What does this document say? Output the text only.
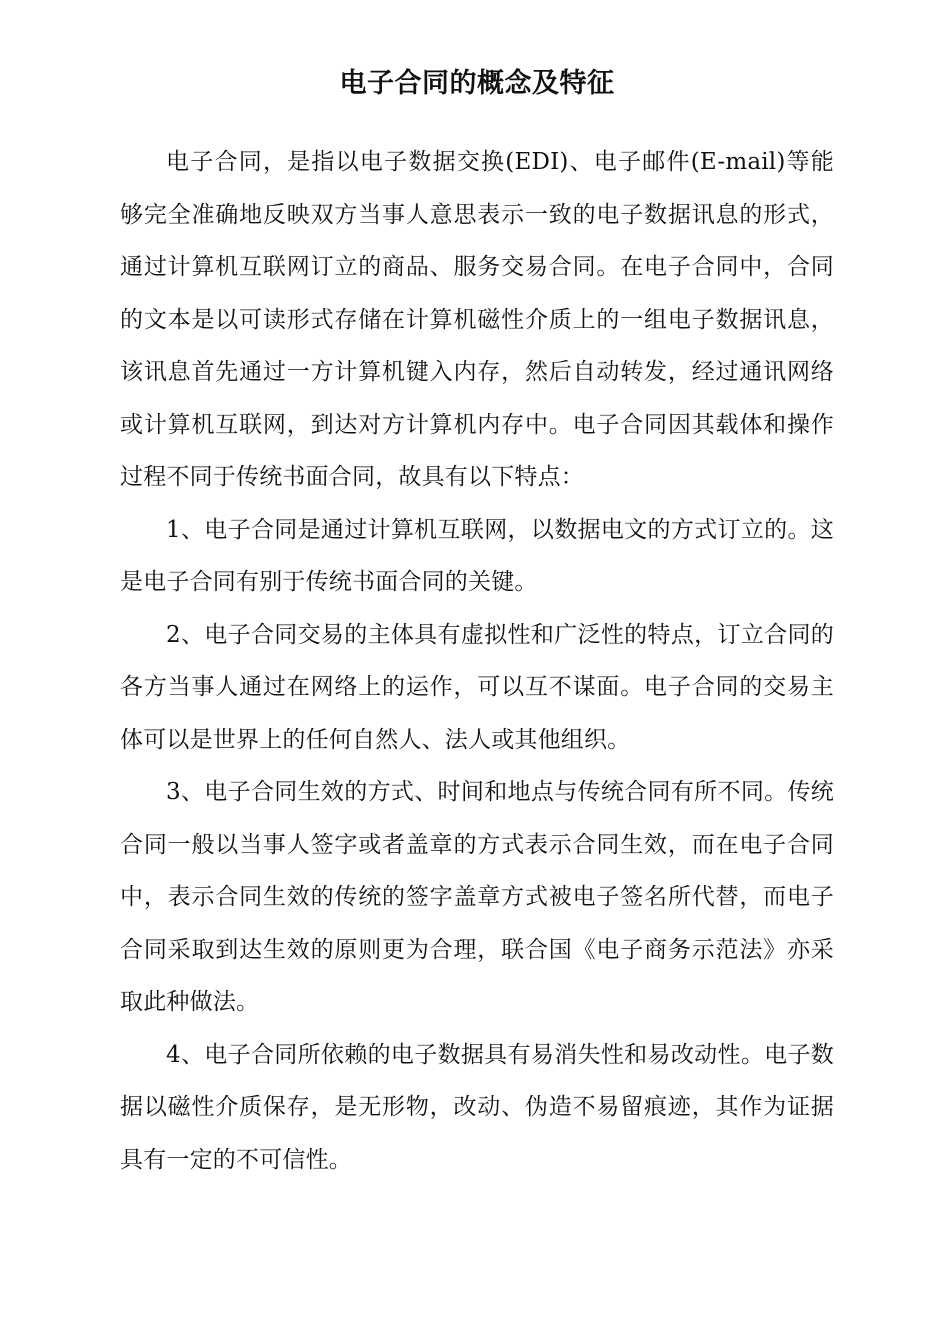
电子合同的概念及特征

电子合同，是指以电子数据交换(EDI)、电子邮件(E-mail)等能够完全准确地反映双方当事人意思表示一致的电子数据讯息的形式，通过计算机互联网订立的商品、服务交易合同。在电子合同中，合同的文本是以可读形式存储在计算机磁性介质上的一组电子数据讯息，该讯息首先通过一方计算机键入内存，然后自动转发，经过通讯网络或计算机互联网，到达对方计算机内存中。电子合同因其载体和操作过程不同于传统书面合同，故具有以下特点：

1、电子合同是通过计算机互联网，以数据电文的方式订立的。这是电子合同有别于传统书面合同的关键。

2、电子合同交易的主体具有虚拟性和广泛性的特点，订立合同的各方当事人通过在网络上的运作，可以互不谋面。电子合同的交易主体可以是世界上的任何自然人、法人或其他组织。

3、电子合同生效的方式、时间和地点与传统合同有所不同。传统合同一般以当事人签字或者盖章的方式表示合同生效，而在电子合同中，表示合同生效的传统的签字盖章方式被电子签名所代替，而电子合同采取到达生效的原则更为合理，联合国《电子商务示范法》亦采取此种做法。

4、电子合同所依赖的电子数据具有易消失性和易改动性。电子数据以磁性介质保存，是无形物，改动、伪造不易留痕迹，其作为证据具有一定的不可信性。
